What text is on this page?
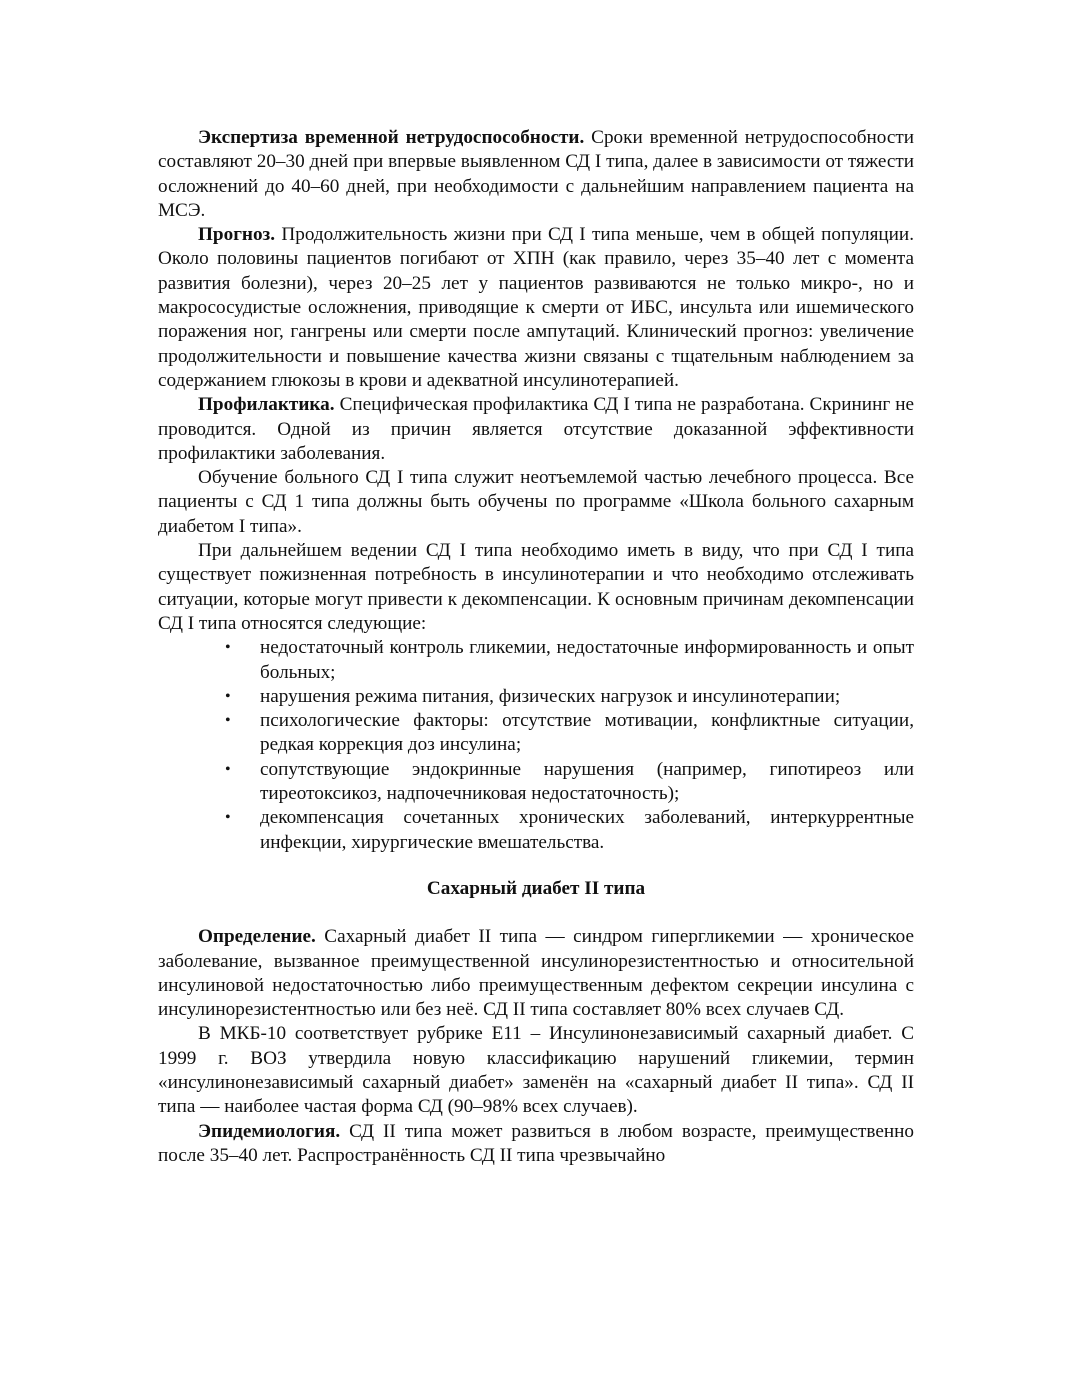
Экспертиза временной нетрудоспособности. Сроки временной нетрудоспособности составляют 20–30 дней при впервые выявленном СД I типа, далее в зависимости от тяжести осложнений до 40–60 дней, при необходимости с дальнейшим направлением пациента на МСЭ.

Прогноз. Продолжительность жизни при СД I типа меньше, чем в общей популяции. Около половины пациентов погибают от ХПН (как правило, через 35–40 лет с момента развития болезни), через 20–25 лет у пациентов развиваются не только микро-, но и макрососудистые осложнения, приводящие к смерти от ИБС, инсульта или ишемического поражения ног, гангрены или смерти после ампутаций. Клинический прогноз: увеличение продолжительности и повышение качества жизни связаны с тщательным наблюдением за содержанием глюкозы в крови и адекватной инсулинотерапией.

Профилактика. Специфическая профилактика СД I типа не разработана. Скрининг не проводится. Одной из причин является отсутствие доказанной эффективности профилактики заболевания.

Обучение больного СД I типа служит неотъемлемой частью лечебного процесса. Все пациенты с СД 1 типа должны быть обучены по программе «Школа больного сахарным диабетом I типа».

При дальнейшем ведении СД I типа необходимо иметь в виду, что при СД I типа существует пожизненная потребность в инсулинотерапии и что необходимо отслеживать ситуации, которые могут привести к декомпенсации. К основным причинам декомпенсации СД I типа относятся следующие:

• недостаточный контроль гликемии, недостаточные информированность и опыт больных;
• нарушения режима питания, физических нагрузок и инсулинотерапии;
• психологические факторы: отсутствие мотивации, конфликтные ситуации, редкая коррекция доз инсулина;
• сопутствующие эндокринные нарушения (например, гипотиреоз или тиреотоксикоз, надпочечниковая недостаточность);
• декомпенсация сочетанных хронических заболеваний, интеркуррентные инфекции, хирургические вмешательства.
Сахарный диабет II типа

Определение. Сахарный диабет II типа — синдром гипергликемии — хроническое заболевание, вызванное преимущественной инсулинорезистентностью и относительной инсулиновой недостаточностью либо преимущественным дефектом секреции инсулина с инсулинорезистентностью или без неё. СД II типа составляет 80% всех случаев СД.

В МКБ-10 соответствует рубрике E11 – Инсулинонезависимый сахарный диабет. С 1999 г. ВОЗ утвердила новую классификацию нарушений гликемии, термин «инсулинонезависимый сахарный диабет» заменён на «сахарный диабет II типа». СД II типа — наиболее частая форма СД (90–98% всех случаев).

Эпидемиология. СД II типа может развиться в любом возрасте, преимущественно после 35–40 лет. Распространённость СД II типа чрезвычайно
